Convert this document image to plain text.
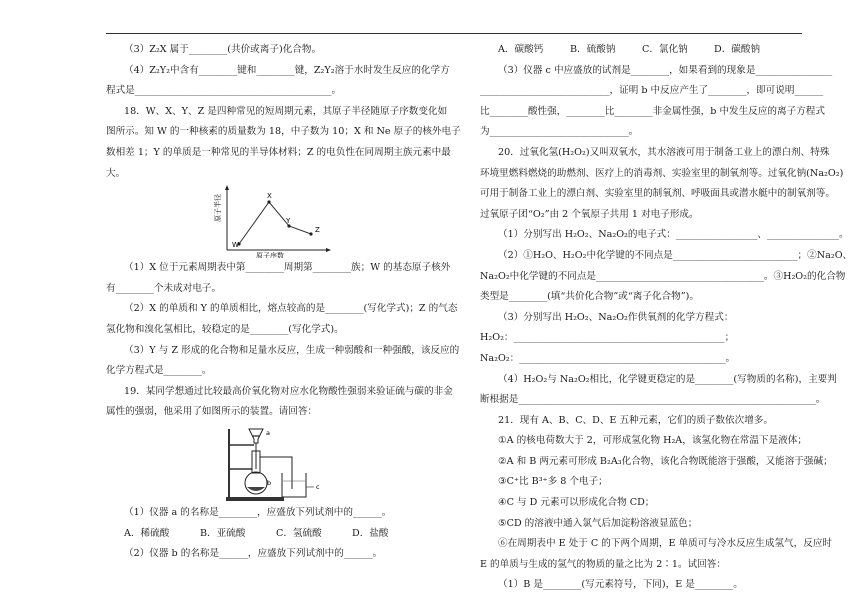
（3）Z₂X 属于________(共价或离子)化合物。

（4）Z₂Y₂中含有________键和________键，Z₂Y₂溶于水时发生反应的化学方

程式是_________________________________________。

18．W、X、Y、Z 是四种常见的短周期元素，其原子半径随原子序数变化如

图所示。知 W 的一种核素的质量数为 18，中子数为 10；X 和 Ne 原子的核外电子

数相差 1；Y 的单质是一种常见的半导体材料；Z 的电负性在同周期主族元素中最

大。

W
X
Y
Z
原子半径
原子序数

（1）X 位于元素周期表中第________周期第________族；W 的基态原子核外

有________个未成对电子。

（2）X 的单质和 Y 的单质相比，熔点较高的是________(写化学式)；Z 的气态

氢化物和溴化氢相比，较稳定的是________(写化学式)。

（3）Y 与 Z 形成的化合物和足量水反应，生成一种弱酸和一种强酸，该反应的

化学方程式是________。

19．某同学想通过比较最高价氧化物对应水化物酸性强弱来验证硫与碳的非金

属性的强弱，他采用了如图所示的装置。请回答：

a
b	c

（1）仪器 a 的名称是________，应盛放下列试剂中的______。

A．稀硫酸	B．亚硫酸	C．氢硫酸	D．盐酸

（2）仪器 b 的名称是______，应盛放下列试剂中的______。

A．碳酸钙	B．硫酸钠	C．氯化钠	D．碳酸钠

（3）仪器 c 中应盛放的试剂是________，如果看到的现象是________________

___________________________，证明 b 中反应产生了________，即可说明______

比________酸性强，________比________非金属性强，b 中发生反应的离子方程式

为_____________________________。

20．过氧化氢(H₂O₂)又叫双氧水，其水溶液可用于制备工业上的漂白剂、特殊

环境里燃料燃烧的助燃剂、医疗上的消毒剂、实验室里的制氧剂等。过氧化钠(Na₂O₂)

可用于制备工业上的漂白剂、实验室里的制氧剂、呼吸面具或潜水艇中的制氧剂等。

过氧原子团“O₂”由 2 个氧原子共用 1 对电子形成。

（1）分别写出 H₂O₂、Na₂O₂的电子式：_________________、_______________。

（2）①H₂O、H₂O₂中化学键的不同点是__________________________；②Na₂O、

Na₂O₂中化学键的不同点是___________________________________。③H₂O₂的化合物

类型是________(填“共价化合物”或“离子化合物”)。

（3）分别写出 H₂O₂、Na₂O₂作供氧剂的化学方程式：

H₂O₂：____________________________________________；

Na₂O₂：___________________________________________。

（4）H₂O₂与 Na₂O₂相比，化学键更稳定的是________(写物质的名称)，主要判

断根据是______________________________________________________________。

21．现有 A、B、C、D、E 五种元素，它们的质子数依次增多。

①A 的核电荷数大于 2，可形成氢化物 H₂A，该氢化物在常温下是液体；

②A 和 B 两元素可形成 B₂A₃化合物，该化合物既能溶于强酸，又能溶于强碱；

③C⁺比 B³⁺多 8 个电子；

④C 与 D 元素可以形成化合物 CD；

⑤CD 的溶液中通入氯气后加淀粉溶液显蓝色；

⑥在周期表中 E 处于 C 的下两个周期，E 单质可与冷水反应生成氢气，反应时

E 的单质与生成的氢气的物质的量之比为 2∶1。试回答：

（1）B 是________(写元素符号，下同)，E 是________。
